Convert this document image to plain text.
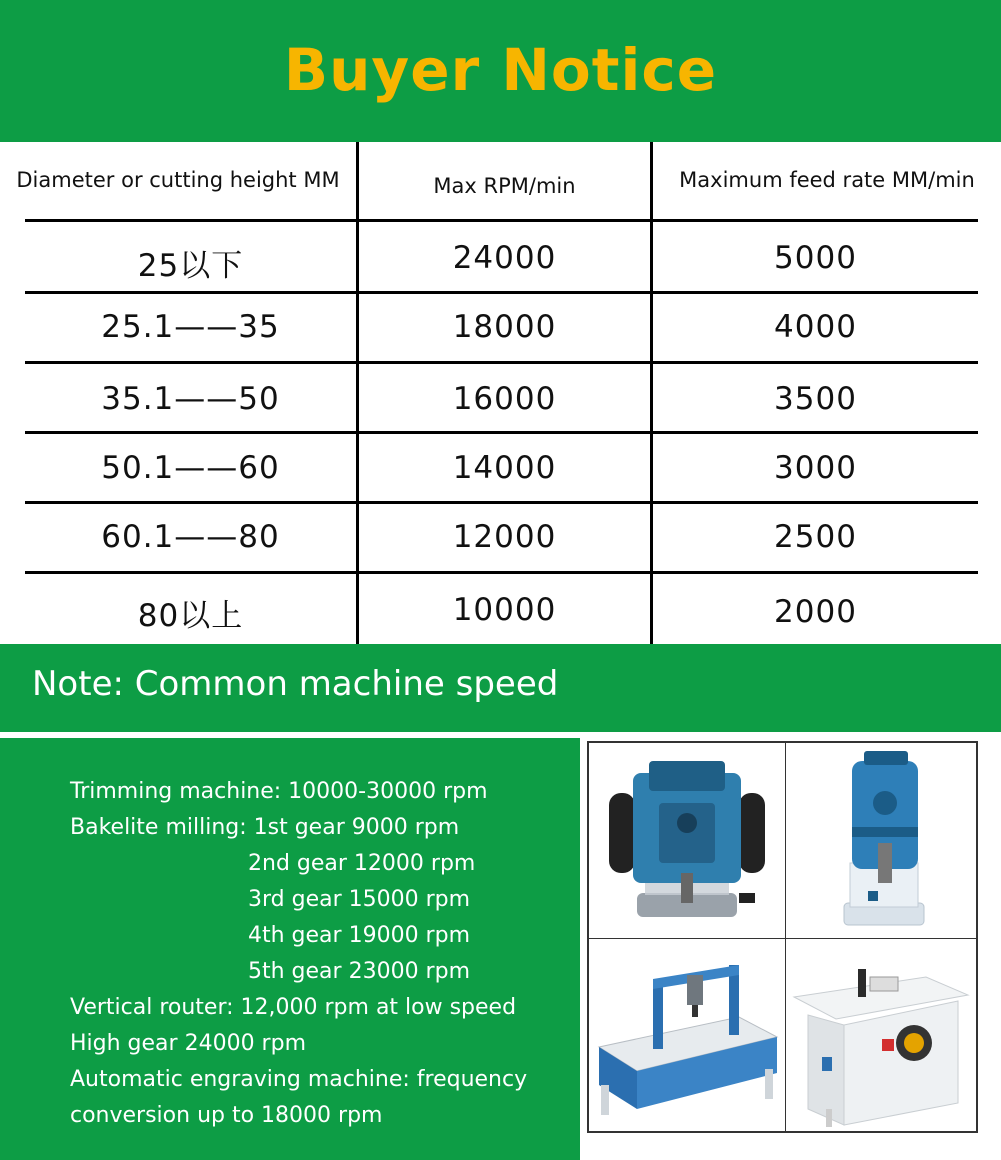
Buyer Notice
Diameter or cutting height MM	Max RPM/min	Maximum feed rate MM/min
25以下	24000	5000
25.1——35	18000	4000
35.1——50	16000	3500
50.1——60	14000	3000
60.1——80	12000	2500
80以上	10000	2000
Note: Common machine speed
Trimming machine: 10000-30000 rpm
Bakelite milling: 1st gear 9000 rpm
2nd gear 12000 rpm
3rd gear 15000 rpm
4th gear 19000 rpm
5th gear 23000 rpm
Vertical router: 12,000 rpm at low speed
High gear 24000 rpm
Automatic engraving machine: frequency
conversion up to 18000 rpm
